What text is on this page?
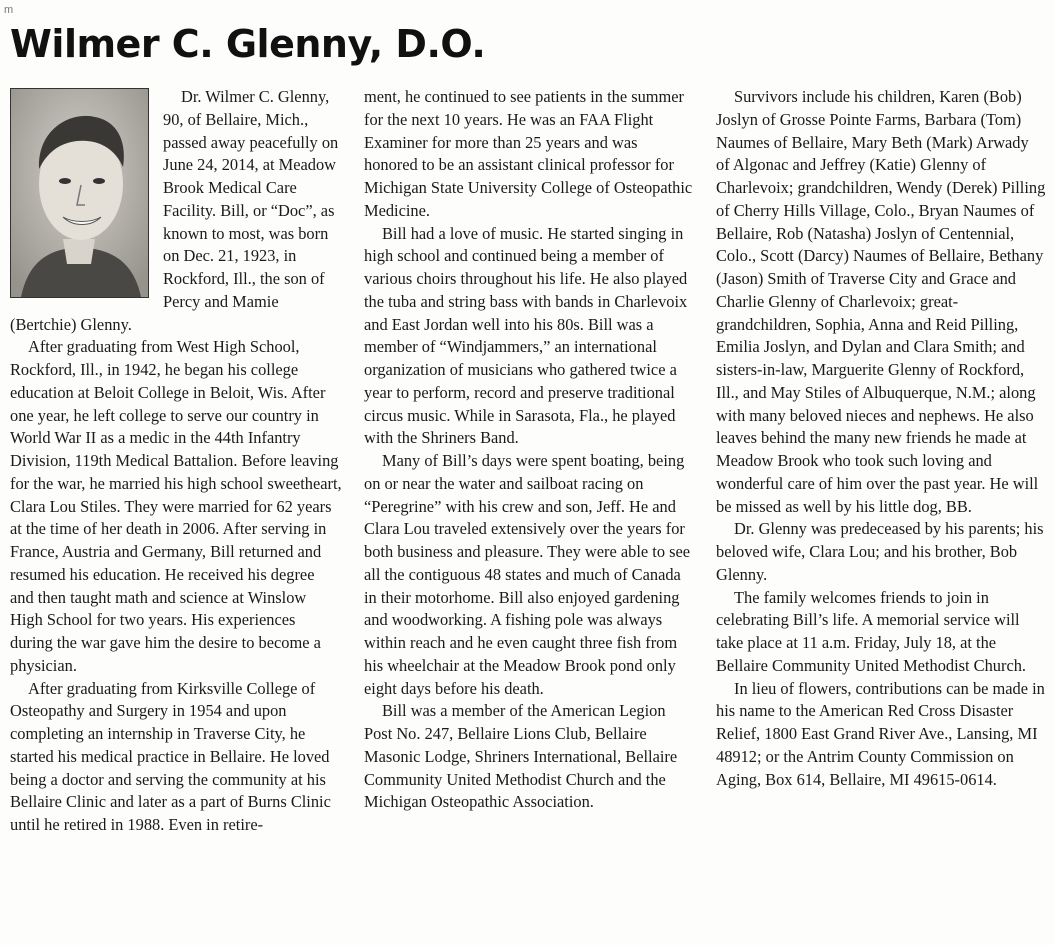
m
Wilmer C. Glenny, D.O.

Dr. Wilmer C. Glenny, 90, of Bellaire, Mich., passed away peacefully on June 24, 2014, at Meadow Brook Medical Care Facility. Bill, or “Doc”, as known to most, was born on Dec. 21, 1923, in Rockford, Ill., the son of Percy and Mamie (Bertchie) Glenny.

After graduating from West High School, Rockford, Ill., in 1942, he began his college education at Beloit College in Beloit, Wis. After one year, he left college to serve our country in World War II as a medic in the 44th Infantry Division, 119th Medical Battalion. Before leaving for the war, he married his high school sweetheart, Clara Lou Stiles. They were married for 62 years at the time of her death in 2006. After serving in France, Austria and Germany, Bill returned and resumed his education. He received his degree and then taught math and science at Winslow High School for two years. His experiences during the war gave him the desire to become a physician.

After graduating from Kirksville College of Osteopathy and Surgery in 1954 and upon completing an internship in Traverse City, he started his medical practice in Bellaire. He loved being a doctor and serving the community at his Bellaire Clinic and later as a part of Burns Clinic until he retired in 1988. Even in retire-

ment, he continued to see patients in the summer for the next 10 years. He was an FAA Flight Examiner for more than 25 years and was honored to be an assistant clinical professor for Michigan State University College of Osteopathic Medicine.

Bill had a love of music. He started singing in high school and continued being a member of various choirs throughout his life. He also played the tuba and string bass with bands in Charlevoix and East Jordan well into his 80s. Bill was a member of “Windjammers,” an international organization of musicians who gathered twice a year to perform, record and preserve traditional circus music. While in Sarasota, Fla., he played with the Shriners Band.

Many of Bill’s days were spent boating, being on or near the water and sailboat racing on “Peregrine” with his crew and son, Jeff. He and Clara Lou traveled extensively over the years for both business and pleasure. They were able to see all the contiguous 48 states and much of Canada in their motorhome. Bill also enjoyed gardening and woodworking. A fishing pole was always within reach and he even caught three fish from his wheelchair at the Meadow Brook pond only eight days before his death.

Bill was a member of the American Legion Post No. 247, Bellaire Lions Club, Bellaire Masonic Lodge, Shriners International, Bellaire Community United Methodist Church and the Michigan Osteopathic Association.

Survivors include his children, Karen (Bob) Joslyn of Grosse Pointe Farms, Barbara (Tom) Naumes of Bellaire, Mary Beth (Mark) Arwady of Algonac and Jeffrey (Katie) Glenny of Charlevoix; grandchildren, Wendy (Derek) Pilling of Cherry Hills Village, Colo., Bryan Naumes of Bellaire, Rob (Natasha) Joslyn of Centennial, Colo., Scott (Darcy) Naumes of Bellaire, Bethany (Jason) Smith of Traverse City and Grace and Charlie Glenny of Charlevoix; great-grandchildren, Sophia, Anna and Reid Pilling, Emilia Joslyn, and Dylan and Clara Smith; and sisters-in-law, Marguerite Glenny of Rockford, Ill., and May Stiles of Albuquerque, N.M.; along with many beloved nieces and nephews. He also leaves behind the many new friends he made at Meadow Brook who took such loving and wonderful care of him over the past year. He will be missed as well by his little dog, BB.

Dr. Glenny was predeceased by his parents; his beloved wife, Clara Lou; and his brother, Bob Glenny.

The family welcomes friends to join in celebrating Bill’s life. A memorial service will take place at 11 a.m. Friday, July 18, at the Bellaire Community United Methodist Church.

In lieu of flowers, contributions can be made in his name to the American Red Cross Disaster Relief, 1800 East Grand River Ave., Lansing, MI 48912; or the Antrim County Commission on Aging, Box 614, Bellaire, MI 49615-0614.
